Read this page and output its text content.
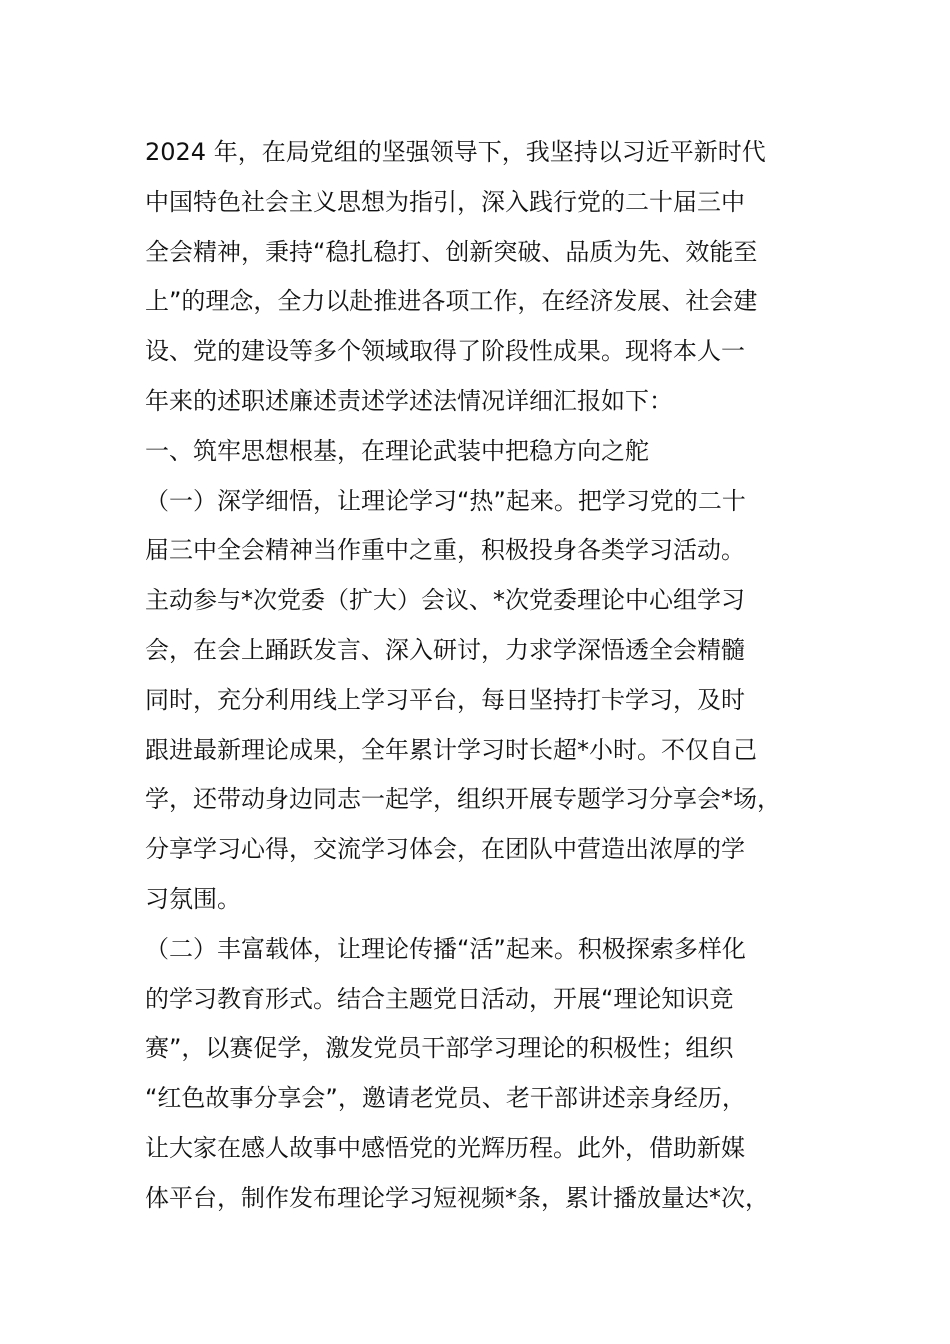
2024 年，在局党组的坚强领导下，我坚持以习近平新时代
中国特色社会主义思想为指引，深入践行党的二十届三中
全会精神，秉持“稳扎稳打、创新突破、品质为先、效能至
上”的理念，全力以赴推进各项工作，在经济发展、社会建
设、党的建设等多个领域取得了阶段性成果。现将本人一
年来的述职述廉述责述学述法情况详细汇报如下：
一、筑牢思想根基，在理论武装中把稳方向之舵
（一）深学细悟，让理论学习“热”起来。把学习党的二十
届三中全会精神当作重中之重，积极投身各类学习活动。
主动参与*次党委（扩大）会议、*次党委理论中心组学习
会，在会上踊跃发言、深入研讨，力求学深悟透全会精髓
同时，充分利用线上学习平台，每日坚持打卡学习，及时
跟进最新理论成果，全年累计学习时长超*小时。不仅自己
学，还带动身边同志一起学，组织开展专题学习分享会*场，
分享学习心得，交流学习体会，在团队中营造出浓厚的学
习氛围。
（二）丰富载体，让理论传播“活”起来。积极探索多样化
的学习教育形式。结合主题党日活动，开展“理论知识竞
赛”，以赛促学，激发党员干部学习理论的积极性；组织
“红色故事分享会”，邀请老党员、老干部讲述亲身经历，
让大家在感人故事中感悟党的光辉历程。此外，借助新媒
体平台，制作发布理论学习短视频*条，累计播放量达*次，
